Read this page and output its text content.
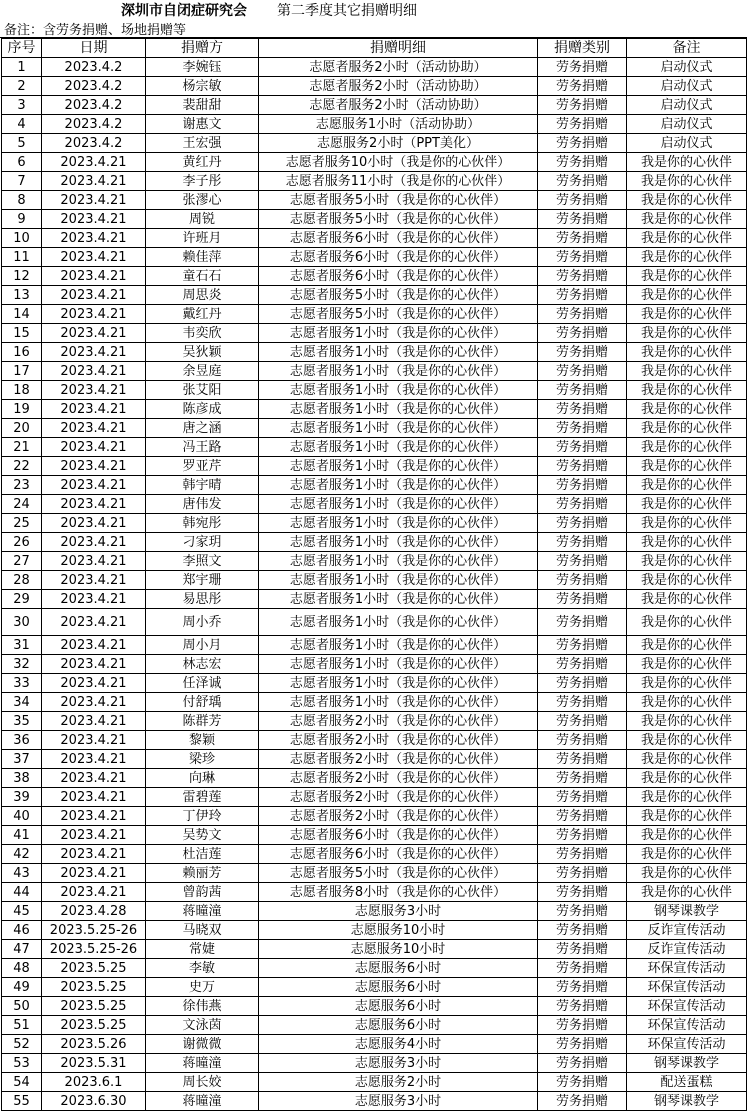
深圳市自闭症研究会 第二季度其它捐赠明细
备注：含劳务捐赠、场地捐赠等
序号	日期	捐赠方	捐赠明细	捐赠类别	备注
1	2023.4.2	李婉钰	志愿者服务2小时（活动协助）	劳务捐赠	启动仪式
2	2023.4.2	杨宗敏	志愿者服务2小时（活动协助）	劳务捐赠	启动仪式
3	2023.4.2	裴甜甜	志愿者服务2小时（活动协助）	劳务捐赠	启动仪式
4	2023.4.2	谢惠文	志愿服务1小时（活动协助）	劳务捐赠	启动仪式
5	2023.4.2	王宏强	志愿服务2小时（PPT美化）	劳务捐赠	启动仪式
6	2023.4.21	黄红丹	志愿者服务10小时（我是你的心伙伴）	劳务捐赠	我是你的心伙伴
7	2023.4.21	李子彤	志愿者服务11小时（我是你的心伙伴）	劳务捐赠	我是你的心伙伴
8	2023.4.21	张漻心	志愿者服务5小时（我是你的心伙伴）	劳务捐赠	我是你的心伙伴
9	2023.4.21	周锐	志愿者服务5小时（我是你的心伙伴）	劳务捐赠	我是你的心伙伴
10	2023.4.21	许班月	志愿者服务6小时（我是你的心伙伴）	劳务捐赠	我是你的心伙伴
11	2023.4.21	赖佳萍	志愿者服务6小时（我是你的心伙伴）	劳务捐赠	我是你的心伙伴
12	2023.4.21	童石石	志愿者服务6小时（我是你的心伙伴）	劳务捐赠	我是你的心伙伴
13	2023.4.21	周思炎	志愿者服务5小时（我是你的心伙伴）	劳务捐赠	我是你的心伙伴
14	2023.4.21	戴红丹	志愿者服务5小时（我是你的心伙伴）	劳务捐赠	我是你的心伙伴
15	2023.4.21	韦奕欣	志愿者服务1小时（我是你的心伙伴）	劳务捐赠	我是你的心伙伴
16	2023.4.21	吴狄颖	志愿者服务1小时（我是你的心伙伴）	劳务捐赠	我是你的心伙伴
17	2023.4.21	余昱庭	志愿者服务1小时（我是你的心伙伴）	劳务捐赠	我是你的心伙伴
18	2023.4.21	张艾阳	志愿者服务1小时（我是你的心伙伴）	劳务捐赠	我是你的心伙伴
19	2023.4.21	陈彦成	志愿者服务1小时（我是你的心伙伴）	劳务捐赠	我是你的心伙伴
20	2023.4.21	唐之涵	志愿者服务1小时（我是你的心伙伴）	劳务捐赠	我是你的心伙伴
21	2023.4.21	冯王路	志愿者服务1小时（我是你的心伙伴）	劳务捐赠	我是你的心伙伴
22	2023.4.21	罗亚芹	志愿者服务1小时（我是你的心伙伴）	劳务捐赠	我是你的心伙伴
23	2023.4.21	韩宇晴	志愿者服务1小时（我是你的心伙伴）	劳务捐赠	我是你的心伙伴
24	2023.4.21	唐伟发	志愿者服务1小时（我是你的心伙伴）	劳务捐赠	我是你的心伙伴
25	2023.4.21	韩宛彤	志愿者服务1小时（我是你的心伙伴）	劳务捐赠	我是你的心伙伴
26	2023.4.21	刁家玥	志愿者服务1小时（我是你的心伙伴）	劳务捐赠	我是你的心伙伴
27	2023.4.21	李照文	志愿者服务1小时（我是你的心伙伴）	劳务捐赠	我是你的心伙伴
28	2023.4.21	郑宇珊	志愿者服务1小时（我是你的心伙伴）	劳务捐赠	我是你的心伙伴
29	2023.4.21	易思彤	志愿者服务1小时（我是你的心伙伴）	劳务捐赠	我是你的心伙伴
30	2023.4.21	周小乔	志愿者服务1小时（我是你的心伙伴）	劳务捐赠	我是你的心伙伴
31	2023.4.21	周小月	志愿者服务1小时（我是你的心伙伴）	劳务捐赠	我是你的心伙伴
32	2023.4.21	林志宏	志愿者服务1小时（我是你的心伙伴）	劳务捐赠	我是你的心伙伴
33	2023.4.21	任泽诚	志愿者服务1小时（我是你的心伙伴）	劳务捐赠	我是你的心伙伴
34	2023.4.21	付舒瑀	志愿者服务1小时（我是你的心伙伴）	劳务捐赠	我是你的心伙伴
35	2023.4.21	陈群芳	志愿者服务2小时（我是你的心伙伴）	劳务捐赠	我是你的心伙伴
36	2023.4.21	黎颖	志愿者服务2小时（我是你的心伙伴）	劳务捐赠	我是你的心伙伴
37	2023.4.21	梁珍	志愿者服务2小时（我是你的心伙伴）	劳务捐赠	我是你的心伙伴
38	2023.4.21	向琳	志愿者服务2小时（我是你的心伙伴）	劳务捐赠	我是你的心伙伴
39	2023.4.21	雷碧莲	志愿者服务2小时（我是你的心伙伴）	劳务捐赠	我是你的心伙伴
40	2023.4.21	丁伊玲	志愿者服务2小时（我是你的心伙伴）	劳务捐赠	我是你的心伙伴
41	2023.4.21	吴势文	志愿者服务6小时（我是你的心伙伴）	劳务捐赠	我是你的心伙伴
42	2023.4.21	杜洁莲	志愿者服务6小时（我是你的心伙伴）	劳务捐赠	我是你的心伙伴
43	2023.4.21	赖丽芳	志愿者服务5小时（我是你的心伙伴）	劳务捐赠	我是你的心伙伴
44	2023.4.21	曾韵茜	志愿者服务8小时（我是你的心伙伴）	劳务捐赠	我是你的心伙伴
45	2023.4.28	蒋曈潼	志愿服务3小时	劳务捐赠	钢琴课教学
46	2023.5.25-26	马晓双	志愿服务10小时	劳务捐赠	反诈宣传活动
47	2023.5.25-26	常婕	志愿服务10小时	劳务捐赠	反诈宣传活动
48	2023.5.25	李敏	志愿服务6小时	劳务捐赠	环保宣传活动
49	2023.5.25	史万	志愿服务6小时	劳务捐赠	环保宣传活动
50	2023.5.25	徐伟燕	志愿服务6小时	劳务捐赠	环保宣传活动
51	2023.5.25	文泳茵	志愿服务6小时	劳务捐赠	环保宣传活动
52	2023.5.26	谢微微	志愿服务4小时	劳务捐赠	环保宣传活动
53	2023.5.31	蒋曈潼	志愿服务3小时	劳务捐赠	钢琴课教学
54	2023.6.1	周长姣	志愿服务2小时	劳务捐赠	配送蛋糕
55	2023.6.30	蒋曈潼	志愿服务3小时	劳务捐赠	钢琴课教学
